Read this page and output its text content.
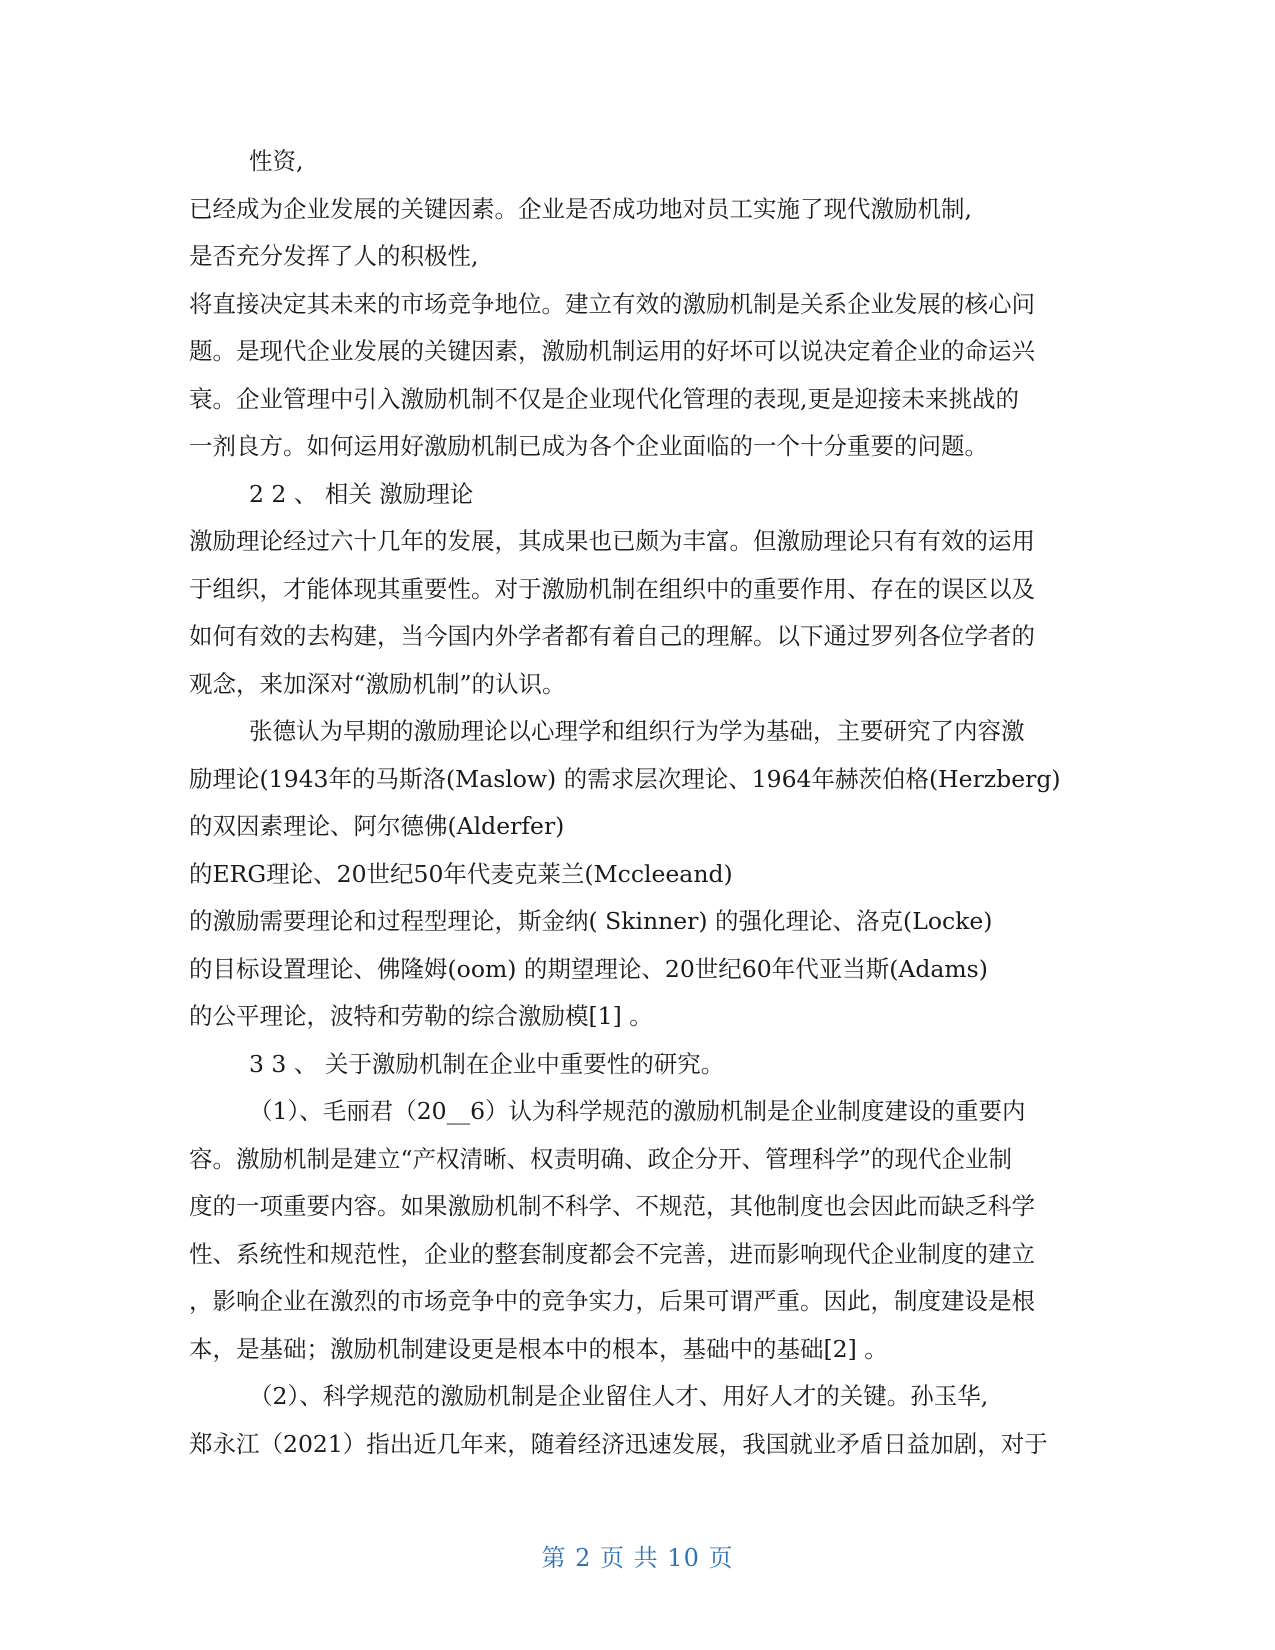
性资,
已经成为企业发展的关键因素。企业是否成功地对员工实施了现代激励机制,
是否充分发挥了人的积极性,
将直接决定其未来的市场竞争地位。建立有效的激励机制是关系企业发展的核心问
题。是现代企业发展的关键因素，激励机制运用的好坏可以说决定着企业的命运兴
衰。企业管理中引入激励机制不仅是企业现代化管理的表现,更是迎接未来挑战的
一剂良方。如何运用好激励机制已成为各个企业面临的一个十分重要的问题。
2 2 、 相关 激励理论
激励理论经过六十几年的发展，其成果也已颇为丰富。但激励理论只有有效的运用
于组织，才能体现其重要性。对于激励机制在组织中的重要作用、存在的误区以及
如何有效的去构建，当今国内外学者都有着自己的理解。以下通过罗列各位学者的
观念，来加深对“激励机制”的认识。
张德认为早期的激励理论以心理学和组织行为学为基础，主要研究了内容激
励理论(1943年的马斯洛(Maslow) 的需求层次理论、1964年赫茨伯格(Herzberg)
的双因素理论、阿尔德佛(Alderfer)
的ERG理论、20世纪50年代麦克莱兰(Mccleeand)
的激励需要理论和过程型理论，斯金纳( Skinner) 的强化理论、洛克(Locke)
的目标设置理论、佛隆姆(oom) 的期望理论、20世纪60年代亚当斯(Adams)
的公平理论，波特和劳勒的综合激励模[1] 。
3 3 、 关于激励机制在企业中重要性的研究。
（1）、毛丽君（20__6）认为科学规范的激励机制是企业制度建设的重要内
容。激励机制是建立“产权清晰、权责明确、政企分开、管理科学”的现代企业制
度的一项重要内容。如果激励机制不科学、不规范，其他制度也会因此而缺乏科学
性、系统性和规范性，企业的整套制度都会不完善，进而影响现代企业制度的建立
，影响企业在激烈的市场竞争中的竞争实力，后果可谓严重。因此，制度建设是根
本，是基础；激励机制建设更是根本中的根本，基础中的基础[2] 。
（2）、科学规范的激励机制是企业留住人才、用好人才的关键。孙玉华,
郑永江（2021）指出近几年来，随着经济迅速发展，我国就业矛盾日益加剧，对于
第 2 页 共 10 页
